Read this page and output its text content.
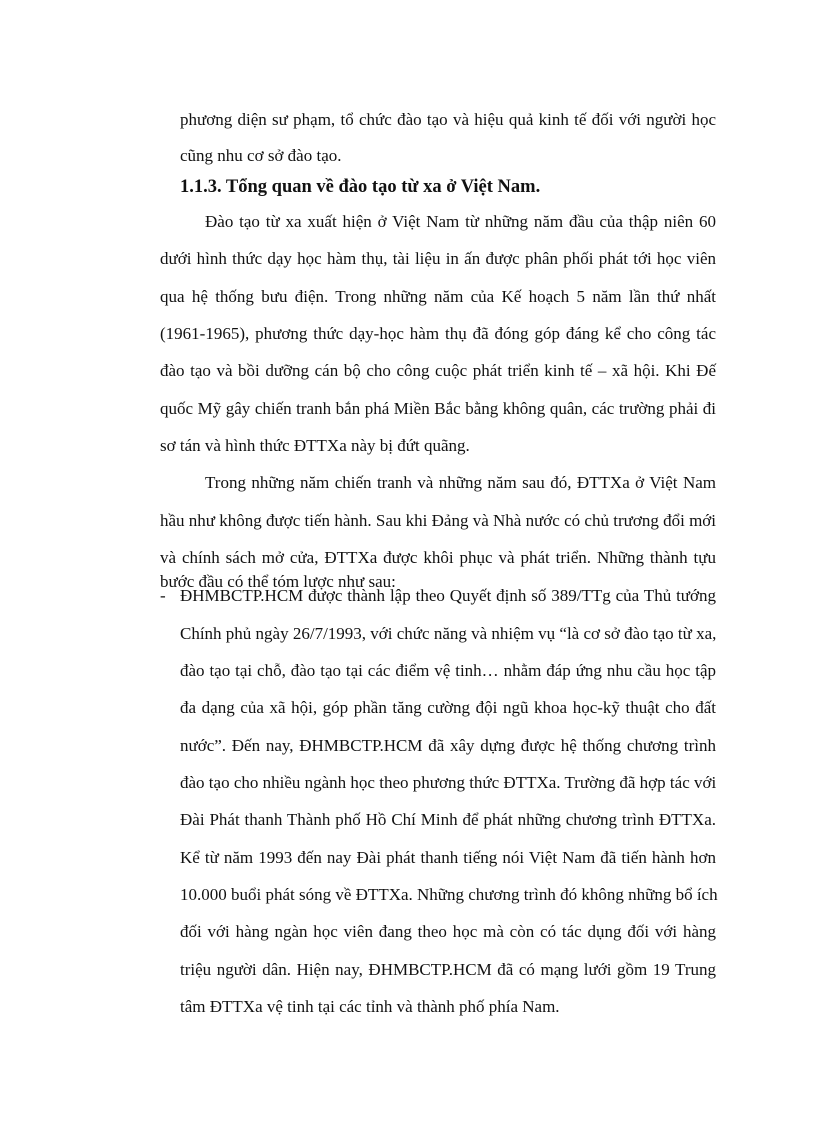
phương diện sư phạm, tổ chức đào tạo và hiệu quả kinh tế đối với người học
cũng nhu cơ sở đào tạo.
1.1.3. Tổng quan về đào tạo từ xa ở Việt Nam.
Đào tạo từ xa xuất hiện ở Việt Nam từ những năm đầu của thập niên 60
dưới hình thức dạy học hàm thụ, tài liệu in ấn được phân phối phát tới học viên
qua hệ thống bưu điện. Trong những năm của Kế hoạch 5 năm lần thứ nhất
(1961-1965), phương thức dạy-học hàm thụ đã đóng góp đáng kể cho công tác
đào tạo và bồi dưỡng cán bộ cho công cuộc phát triển kinh tế – xã hội. Khi Đế
quốc Mỹ gây chiến tranh bắn phá Miền Bắc bằng không quân, các trường phải đi
sơ tán và hình thức ĐTTXa này bị đứt quãng.
Trong những năm chiến tranh và những năm sau đó, ĐTTXa ở Việt Nam
hầu như không được tiến hành. Sau khi Đảng và Nhà nước có chủ trương đổi mới
và chính sách mở cửa, ĐTTXa được khôi phục và phát triển. Những thành tựu
bước đầu có thể tóm lược như sau:
- ĐHMBCTP.HCM được thành lập theo Quyết định số 389/TTg của Thủ tướng
Chính phủ ngày 26/7/1993, với chức năng và nhiệm vụ “là cơ sở đào tạo từ xa,
đào tạo tại chỗ, đào tạo tại các điểm vệ tinh… nhằm đáp ứng nhu cầu học tập
đa dạng của xã hội, góp phần tăng cường đội ngũ khoa học-kỹ thuật cho đất
nước”. Đến nay, ĐHMBCTP.HCM đã xây dựng được hệ thống chương trình
đào tạo cho nhiều ngành học theo phương thức ĐTTXa. Trường đã hợp tác với
Đài Phát thanh Thành phố Hồ Chí Minh để phát những chương trình ĐTTXa.
Kể từ năm 1993 đến nay Đài phát thanh tiếng nói Việt Nam đã tiến hành hơn
10.000 buổi phát sóng về ĐTTXa. Những chương trình đó không những bổ ích
đối với hàng ngàn học viên đang theo học mà còn có tác dụng đối với hàng
triệu người dân. Hiện nay, ĐHMBCTP.HCM đã có mạng lưới gồm 19 Trung
tâm ĐTTXa vệ tinh tại các tỉnh và thành phố phía Nam.
